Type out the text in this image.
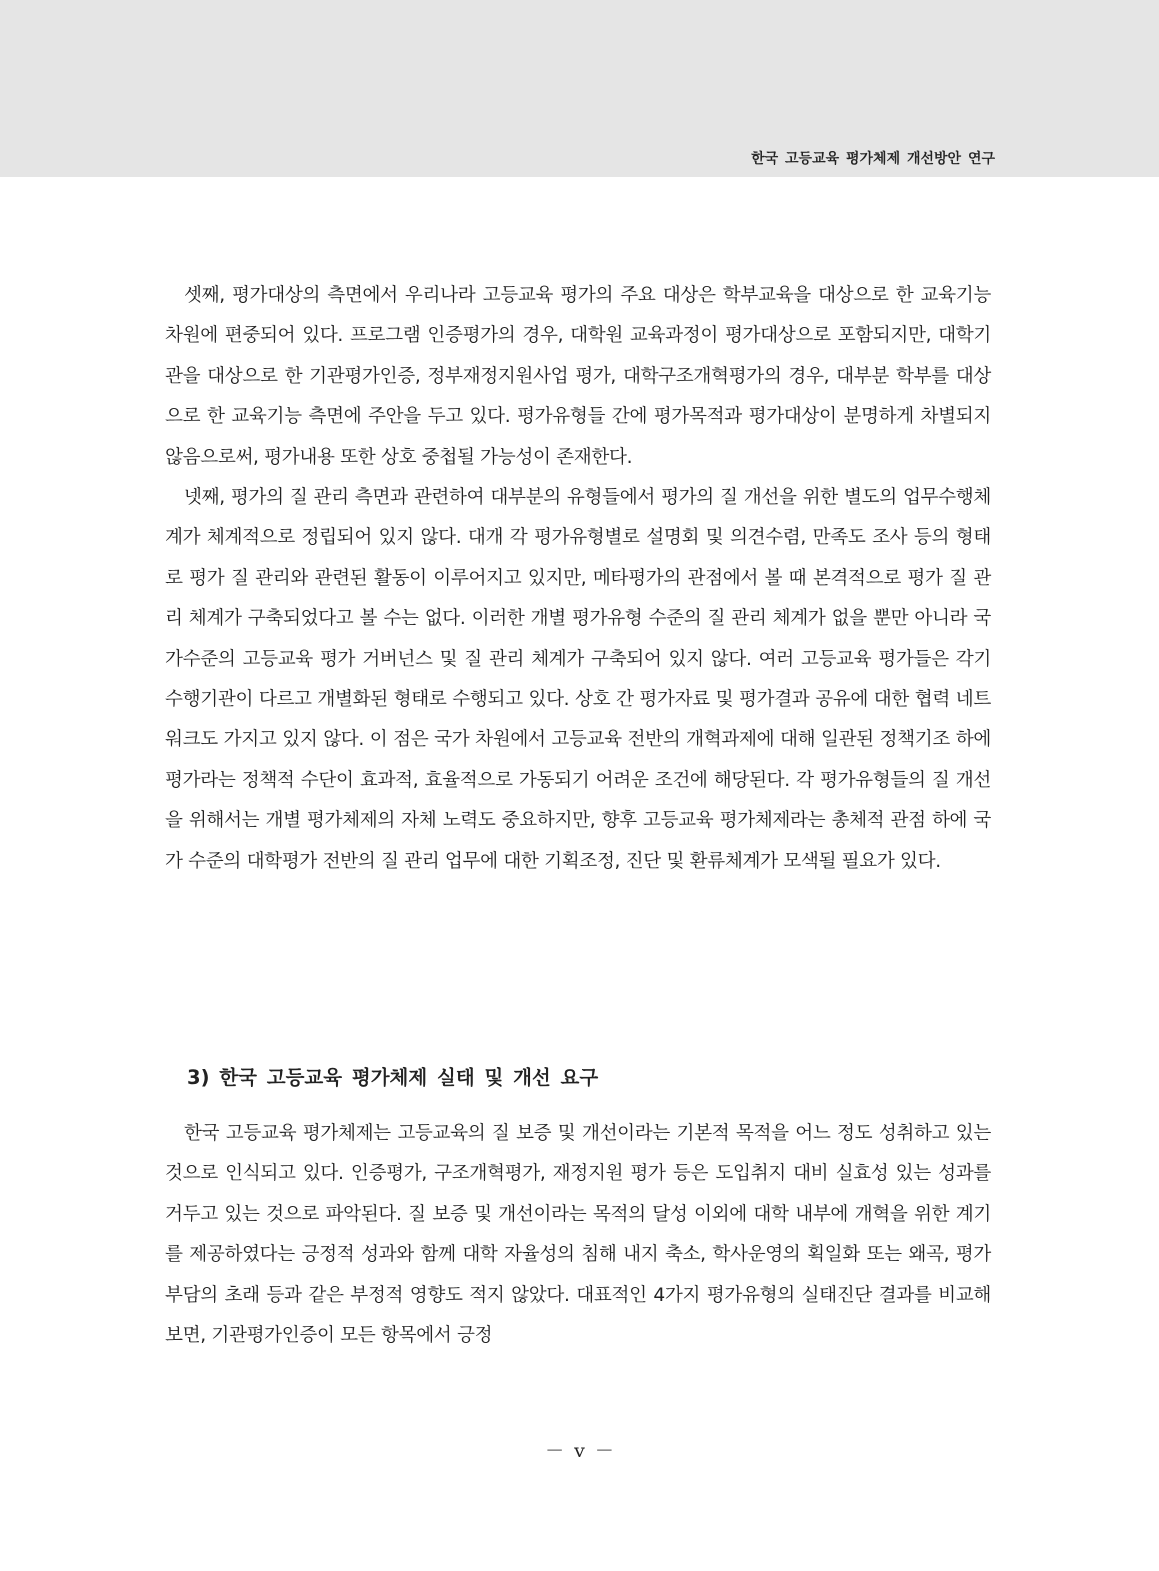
한국 고등교육 평가체제 개선방안 연구

셋째, 평가대상의 측면에서 우리나라 고등교육 평가의 주요 대상은 학부교육을 대상으로 한 교육기능 차원에 편중되어 있다. 프로그램 인증평가의 경우, 대학원 교육과정이 평가대상으로 포함되지만, 대학기관을 대상으로 한 기관평가인증, 정부재정지원사업 평가, 대학구조개혁평가의 경우, 대부분 학부를 대상으로 한 교육기능 측면에 주안을 두고 있다. 평가유형들 간에 평가목적과 평가대상이 분명하게 차별되지 않음으로써, 평가내용 또한 상호 중첩될 가능성이 존재한다.

넷째, 평가의 질 관리 측면과 관련하여 대부분의 유형들에서 평가의 질 개선을 위한 별도의 업무수행체계가 체계적으로 정립되어 있지 않다. 대개 각 평가유형별로 설명회 및 의견수렴, 만족도 조사 등의 형태로 평가 질 관리와 관련된 활동이 이루어지고 있지만, 메타평가의 관점에서 볼 때 본격적으로 평가 질 관리 체계가 구축되었다고 볼 수는 없다. 이러한 개별 평가유형 수준의 질 관리 체계가 없을 뿐만 아니라 국가수준의 고등교육 평가 거버넌스 및 질 관리 체계가 구축되어 있지 않다. 여러 고등교육 평가들은 각기 수행기관이 다르고 개별화된 형태로 수행되고 있다. 상호 간 평가자료 및 평가결과 공유에 대한 협력 네트워크도 가지고 있지 않다. 이 점은 국가 차원에서 고등교육 전반의 개혁과제에 대해 일관된 정책기조 하에 평가라는 정책적 수단이 효과적, 효율적으로 가동되기 어려운 조건에 해당된다. 각 평가유형들의 질 개선을 위해서는 개별 평가체제의 자체 노력도 중요하지만, 향후 고등교육 평가체제라는 총체적 관점 하에 국가 수준의 대학평가 전반의 질 관리 업무에 대한 기획조정, 진단 및 환류체계가 모색될 필요가 있다.

3) 한국 고등교육 평가체제 실태 및 개선 요구

한국 고등교육 평가체제는 고등교육의 질 보증 및 개선이라는 기본적 목적을 어느 정도 성취하고 있는 것으로 인식되고 있다. 인증평가, 구조개혁평가, 재정지원 평가 등은 도입취지 대비 실효성 있는 성과를 거두고 있는 것으로 파악된다. 질 보증 및 개선이라는 목적의 달성 이외에 대학 내부에 개혁을 위한 계기를 제공하였다는 긍정적 성과와 함께 대학 자율성의 침해 내지 축소, 학사운영의 획일화 또는 왜곡, 평가부담의 초래 등과 같은 부정적 영향도 적지 않았다. 대표적인 4가지 평가유형의 실태진단 결과를 비교해 보면, 기관평가인증이 모든 항목에서 긍정

－ v －
